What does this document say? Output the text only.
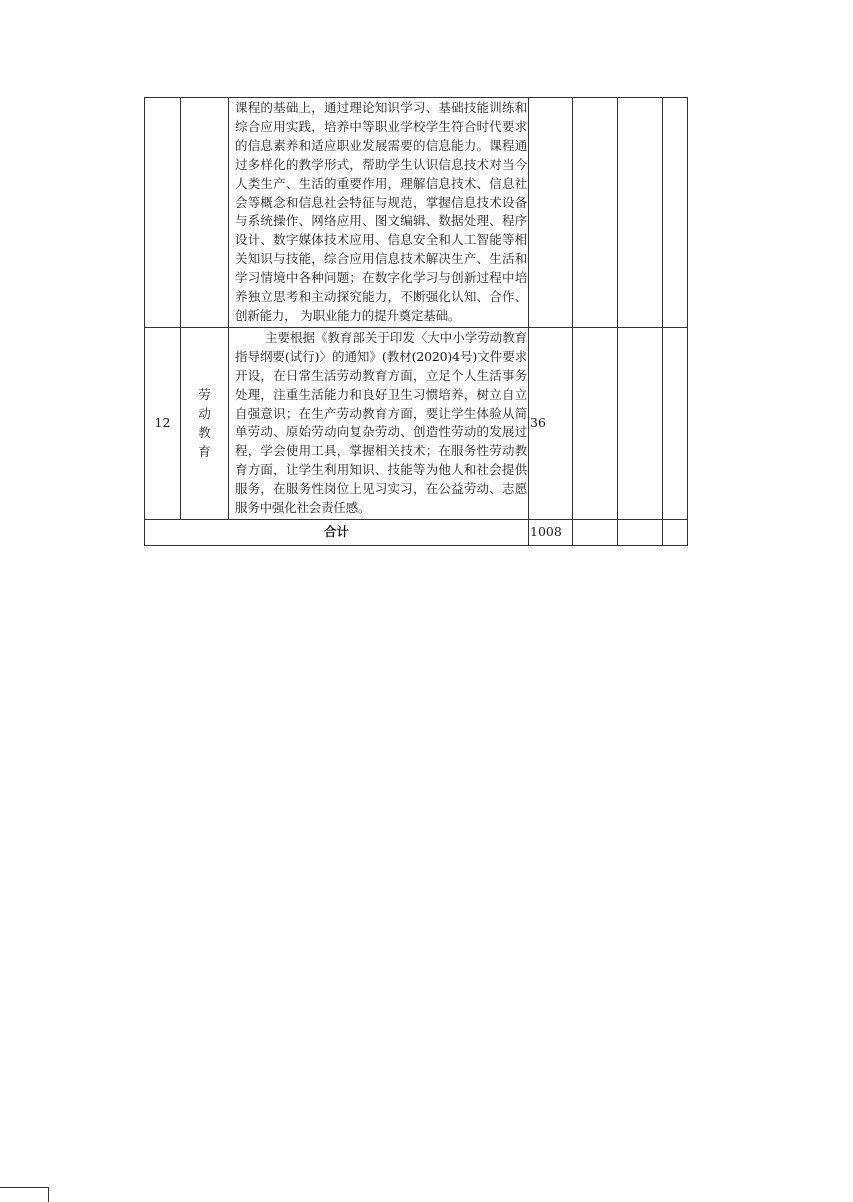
		课程的基础上，通过理论知识学习、基础技能训练和综合应用实践，培养中等职业学校学生符合时代要求的信息素养和适应职业发展需要的信息能力。课程通过多样化的教学形式，帮助学生认识信息技术对当今人类生产、生活的重要作用，理解信息技术、信息社会等概念和信息社会特征与规范，掌握信息技术设备与系统操作、网络应用、图文编辑、数据处理、程序设计、数字媒体技术应用、信息安全和人工智能等相关知识与技能，综合应用信息技术解决生产、生活和学习情境中各种问题；在数字化学习与创新过程中培养独立思考和主动探究能力，不断强化认知、合作、创新能力， 为职业能力的提升奠定基础。				

12	劳动教育	主要根据《教育部关于印发〈大中小学劳动教育指导纲要(试行)〉的通知》(教材(2020)4号)文件要求开设，在日常生活劳动教育方面，立足个人生活事务处理，注重生活能力和良好卫生习惯培养，树立自立自强意识；在生产劳动教育方面，要让学生体验从简单劳动、原始劳动向复杂劳动、创造性劳动的发展过程，学会使用工具，掌握相关技术；在服务性劳动教育方面，让学生利用知识、技能等为他人和社会提供服务，在服务性岗位上见习实习，在公益劳动、志愿服务中强化社会责任感。	36			
合计			1008			
